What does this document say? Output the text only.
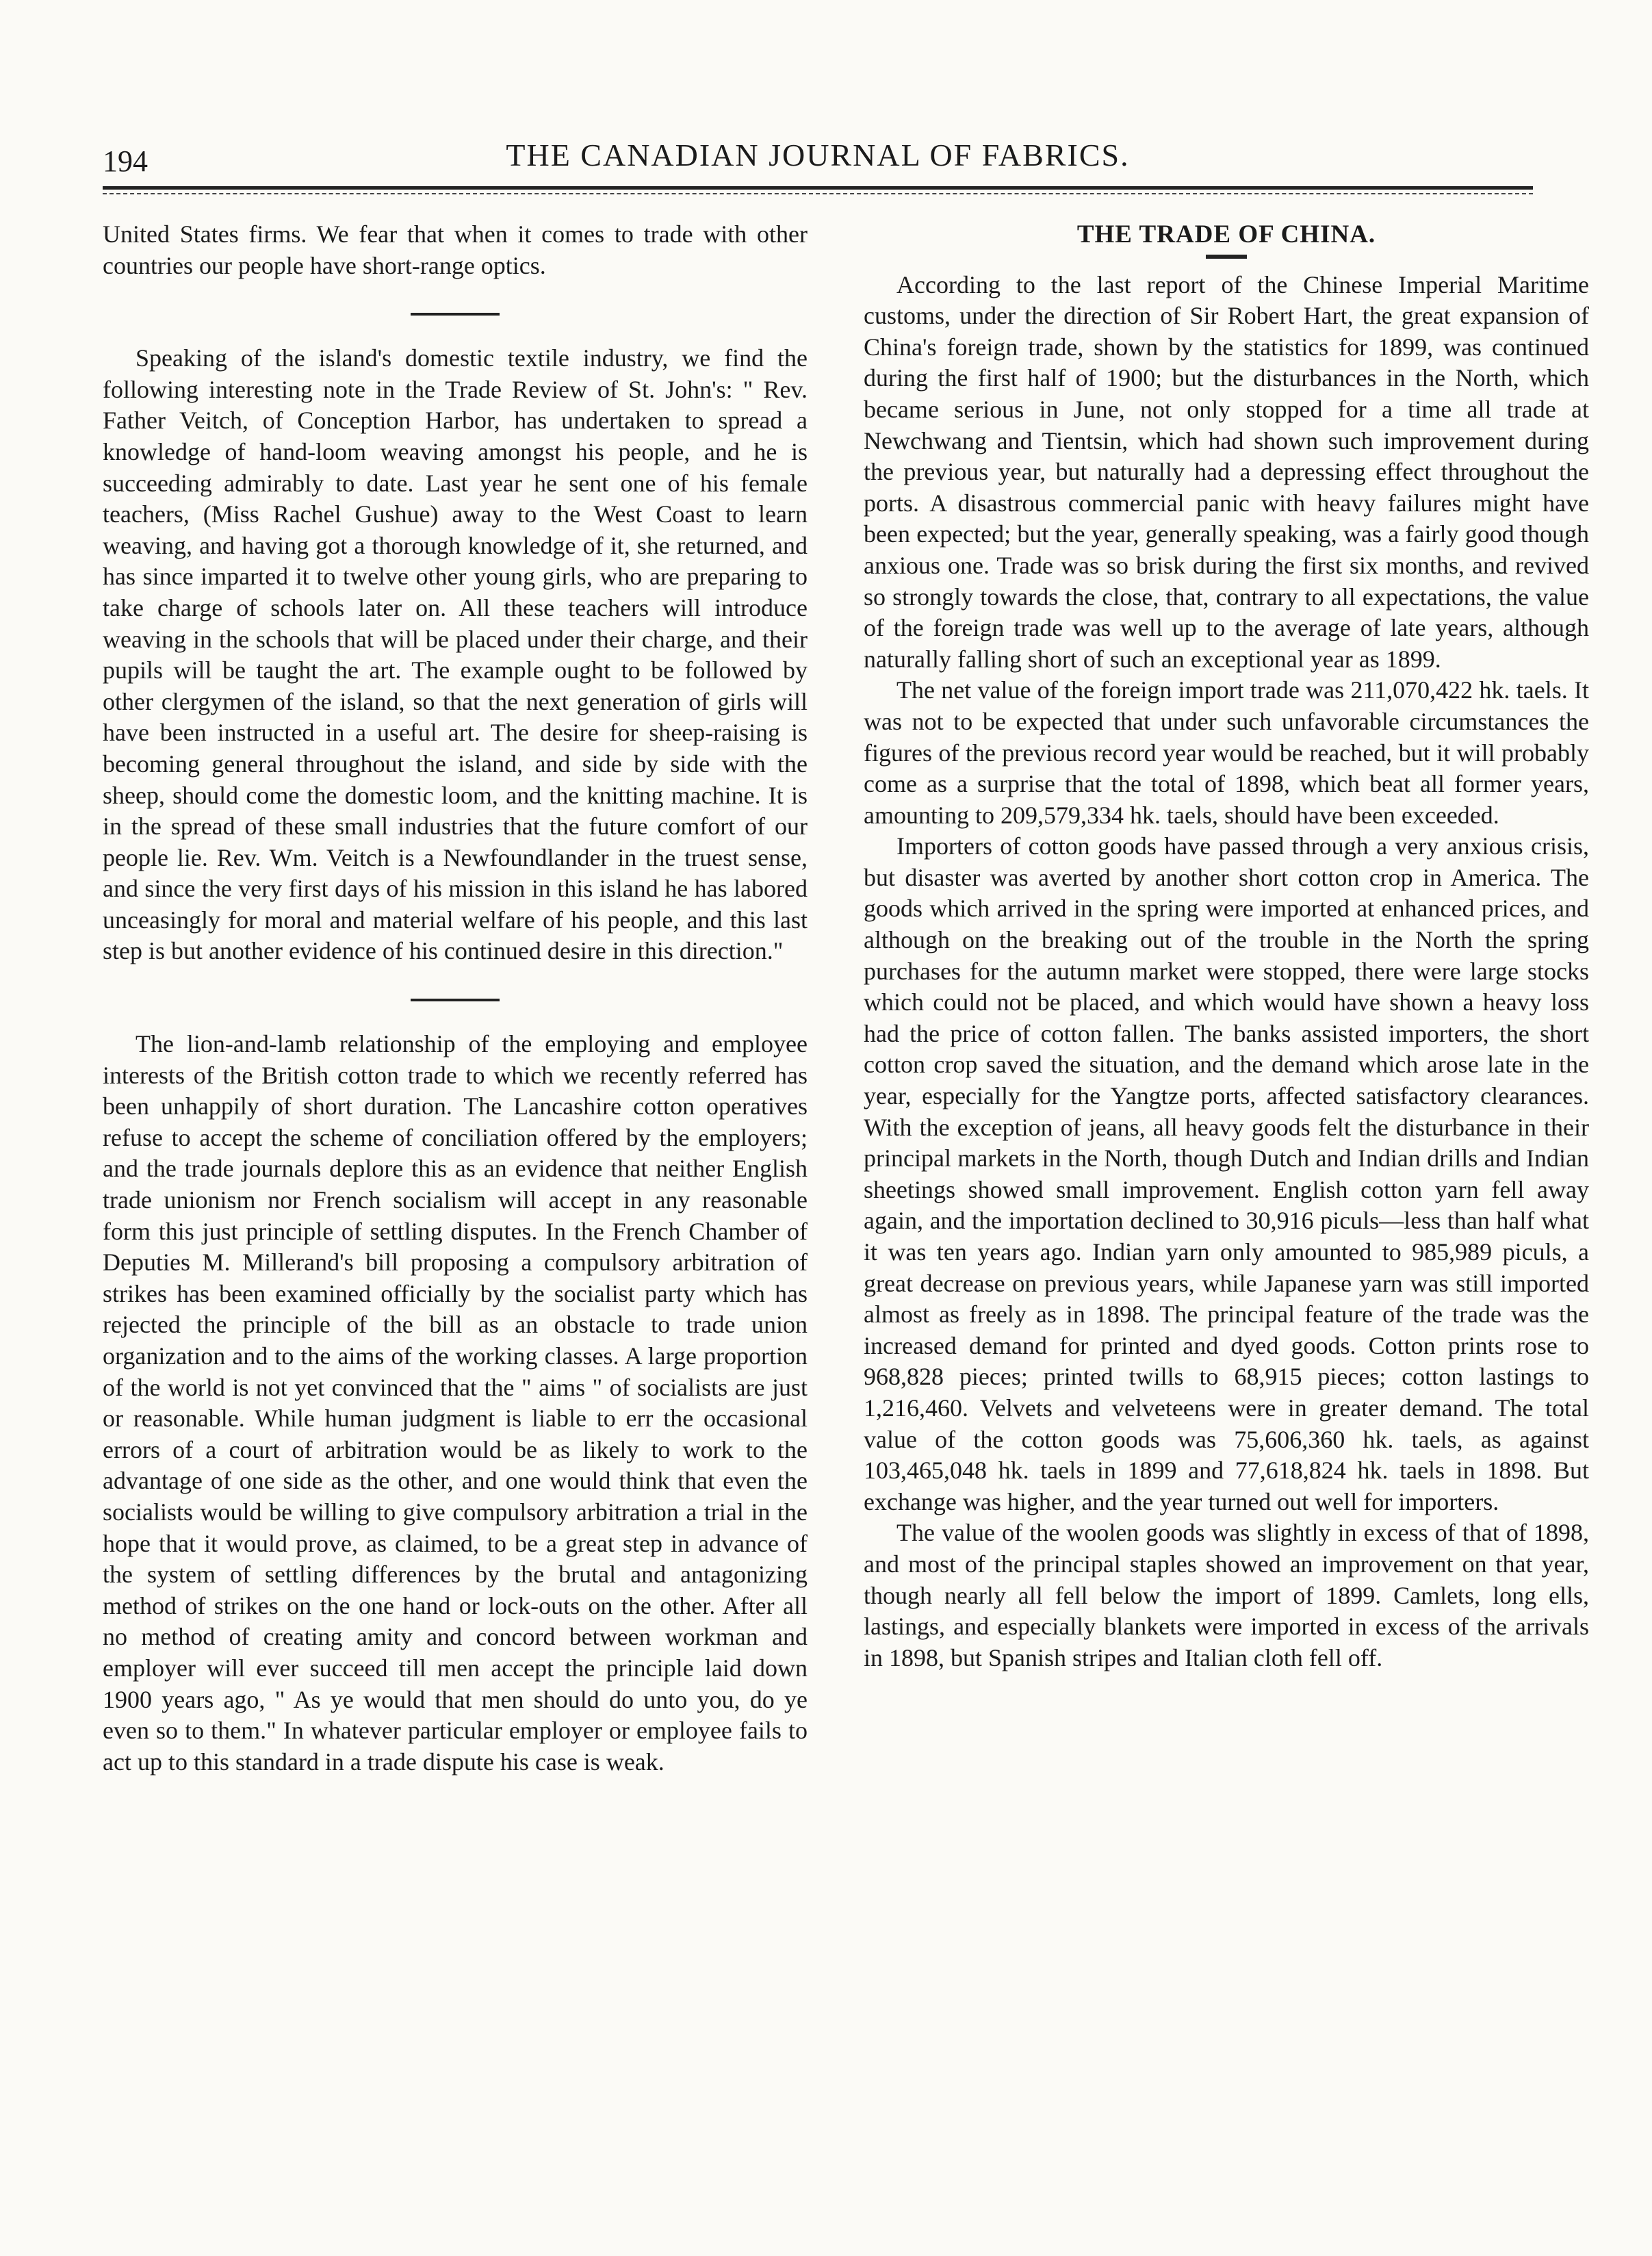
194	THE CANADIAN JOURNAL OF FABRICS.

United States firms. We fear that when it comes to trade with other countries our people have short-range optics.

Speaking of the island's domestic textile industry, we find the following interesting note in the Trade Review of St. John's: " Rev. Father Veitch, of Conception Harbor, has undertaken to spread a knowledge of hand-loom weaving amongst his people, and he is succeeding admirably to date. Last year he sent one of his female teachers, (Miss Rachel Gushue) away to the West Coast to learn weaving, and having got a thorough knowledge of it, she returned, and has since imparted it to twelve other young girls, who are preparing to take charge of schools later on. All these teachers will introduce weaving in the schools that will be placed under their charge, and their pupils will be taught the art. The example ought to be followed by other clergymen of the island, so that the next generation of girls will have been instructed in a useful art. The desire for sheep-raising is becoming general throughout the island, and side by side with the sheep, should come the domestic loom, and the knitting machine. It is in the spread of these small industries that the future comfort of our people lie. Rev. Wm. Veitch is a Newfoundlander in the truest sense, and since the very first days of his mission in this island he has labored unceasingly for moral and material welfare of his people, and this last step is but another evidence of his continued desire in this direction."

The lion-and-lamb relationship of the employing and employee interests of the British cotton trade to which we recently referred has been unhappily of short duration. The Lancashire cotton operatives refuse to accept the scheme of conciliation offered by the employers; and the trade journals deplore this as an evidence that neither English trade unionism nor French socialism will accept in any reasonable form this just principle of settling disputes. In the French Chamber of Deputies M. Millerand's bill proposing a compulsory arbitration of strikes has been examined officially by the socialist party which has rejected the principle of the bill as an obstacle to trade union organization and to the aims of the working classes. A large proportion of the world is not yet convinced that the " aims " of socialists are just or reasonable. While human judgment is liable to err the occasional errors of a court of arbitration would be as likely to work to the advantage of one side as the other, and one would think that even the socialists would be willing to give compulsory arbitration a trial in the hope that it would prove, as claimed, to be a great step in advance of the system of settling differences by the brutal and antagonizing method of strikes on the one hand or lock-outs on the other. After all no method of creating amity and concord between workman and employer will ever succeed till men accept the principle laid down 1900 years ago, " As ye would that men should do unto you, do ye even so to them." In whatever particular employer or employee fails to act up to this standard in a trade dispute his case is weak.

THE TRADE OF CHINA.

According to the last report of the Chinese Imperial Maritime customs, under the direction of Sir Robert Hart, the great expansion of China's foreign trade, shown by the statistics for 1899, was continued during the first half of 1900; but the disturbances in the North, which became serious in June, not only stopped for a time all trade at Newchwang and Tientsin, which had shown such improvement during the previous year, but naturally had a depressing effect throughout the ports. A disastrous commercial panic with heavy failures might have been expected; but the year, generally speaking, was a fairly good though anxious one. Trade was so brisk during the first six months, and revived so strongly towards the close, that, contrary to all expectations, the value of the foreign trade was well up to the average of late years, although naturally falling short of such an exceptional year as 1899.

The net value of the foreign import trade was 211,070,422 hk. taels. It was not to be expected that under such unfavorable circumstances the figures of the previous record year would be reached, but it will probably come as a surprise that the total of 1898, which beat all former years, amounting to 209,579,334 hk. taels, should have been exceeded.

Importers of cotton goods have passed through a very anxious crisis, but disaster was averted by another short cotton crop in America. The goods which arrived in the spring were imported at enhanced prices, and although on the breaking out of the trouble in the North the spring purchases for the autumn market were stopped, there were large stocks which could not be placed, and which would have shown a heavy loss had the price of cotton fallen. The banks assisted importers, the short cotton crop saved the situation, and the demand which arose late in the year, especially for the Yangtze ports, affected satisfactory clearances. With the exception of jeans, all heavy goods felt the disturbance in their principal markets in the North, though Dutch and Indian drills and Indian sheetings showed small improvement. English cotton yarn fell away again, and the importation declined to 30,916 piculs—less than half what it was ten years ago. Indian yarn only amounted to 985,989 piculs, a great decrease on previous years, while Japanese yarn was still imported almost as freely as in 1898. The principal feature of the trade was the increased demand for printed and dyed goods. Cotton prints rose to 968,828 pieces; printed twills to 68,915 pieces; cotton lastings to 1,216,460. Velvets and velveteens were in greater demand. The total value of the cotton goods was 75,606,360 hk. taels, as against 103,465,048 hk. taels in 1899 and 77,618,824 hk. taels in 1898. But exchange was higher, and the year turned out well for importers.

The value of the woolen goods was slightly in excess of that of 1898, and most of the principal staples showed an improvement on that year, though nearly all fell below the import of 1899. Camlets, long ells, lastings, and especially blankets were imported in excess of the arrivals in 1898, but Spanish stripes and Italian cloth fell off.
